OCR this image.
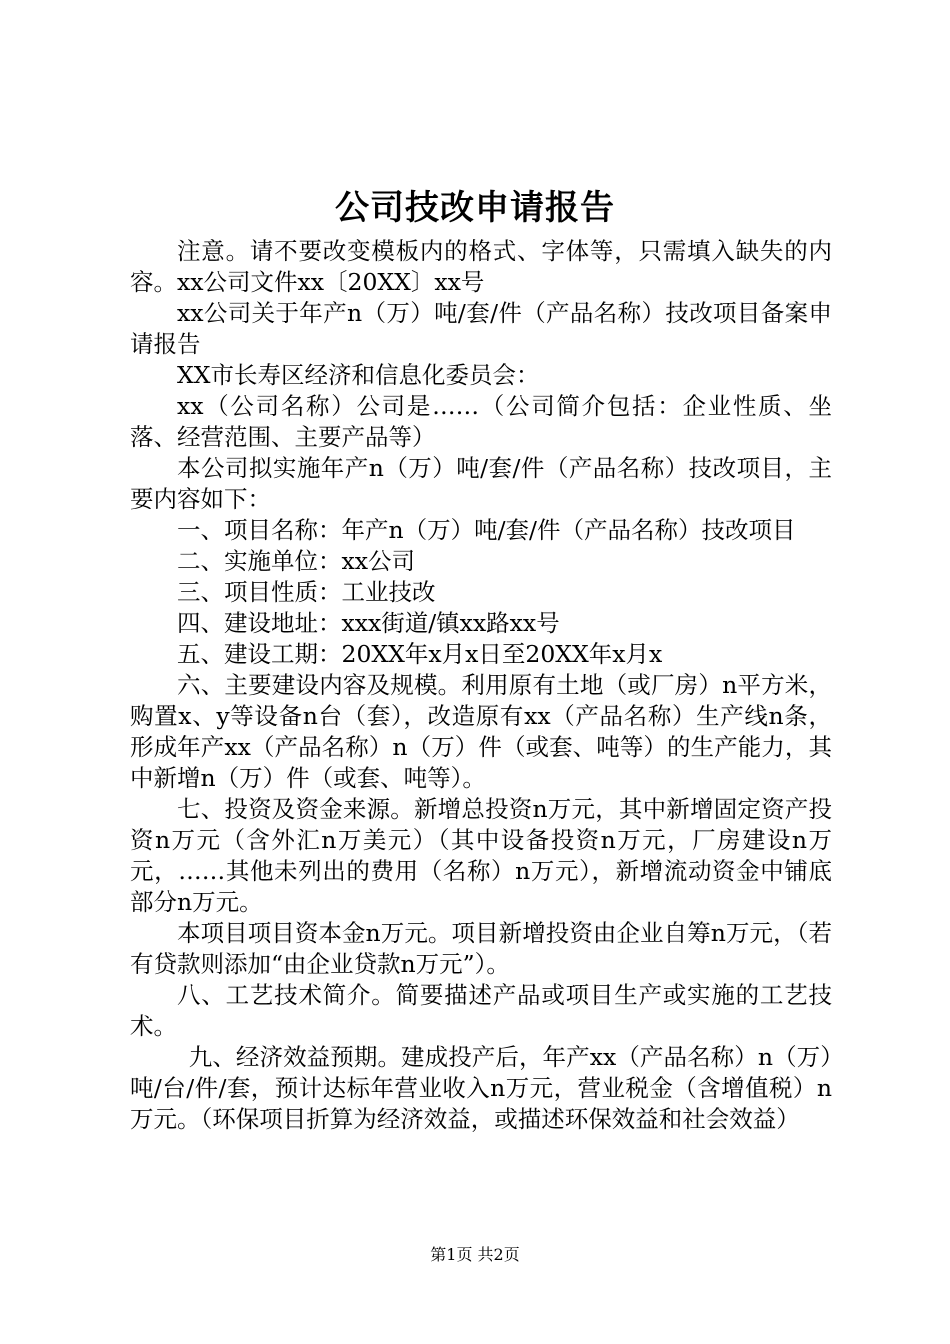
公司技改申请报告

注意。请不要改变模板内的格式、字体等，只需填入缺失的内容。xx公司文件xx〔20XX〕xx号

xx公司关于年产n（万）吨/套/件（产品名称）技改项目备案申请报告

XX市长寿区经济和信息化委员会：

xx（公司名称）公司是……（公司简介包括：企业性质、坐落、经营范围、主要产品等）

本公司拟实施年产n（万）吨/套/件（产品名称）技改项目，主要内容如下：

一、项目名称：年产n（万）吨/套/件（产品名称）技改项目

二、实施单位：xx公司

三、项目性质：工业技改

四、建设地址：xxx街道/镇xx路xx号

五、建设工期：20XX年x月x日至20XX年x月x

六、主要建设内容及规模。利用原有土地（或厂房）n平方米，购置x、y等设备n台（套），改造原有xx（产品名称）生产线n条，形成年产xx（产品名称）n（万）件（或套、吨等）的生产能力，其中新增n（万）件（或套、吨等）。

七、投资及资金来源。新增总投资n万元，其中新增固定资产投资n万元（含外汇n万美元）（其中设备投资n万元，厂房建设n万元，……其他未列出的费用（名称）n万元），新增流动资金中铺底部分n万元。

本项目项目资本金n万元。项目新增投资由企业自筹n万元，（若有贷款则添加“由企业贷款n万元”）。

八、工艺技术简介。简要描述产品或项目生产或实施的工艺技术。

九、经济效益预期。建成投产后，年产xx（产品名称）n（万）吨/台/件/套，预计达标年营业收入n万元，营业税金（含增值税）n万元。（环保项目折算为经济效益，或描述环保效益和社会效益）

第1页 共2页
